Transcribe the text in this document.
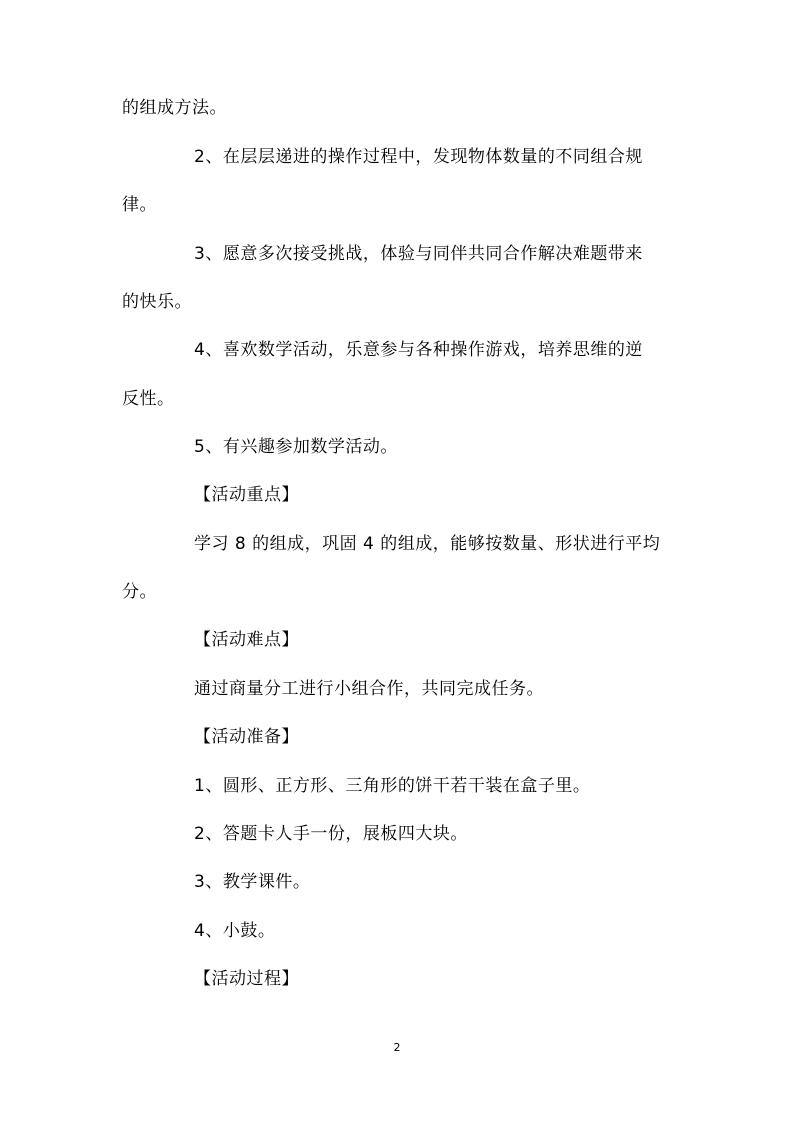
的组成方法。
2、在层层递进的操作过程中，发现物体数量的不同组合规
律。
3、愿意多次接受挑战，体验与同伴共同合作解决难题带来
的快乐。
4、喜欢数学活动，乐意参与各种操作游戏，培养思维的逆
反性。
5、有兴趣参加数学活动。
【活动重点】
学习 8 的组成，巩固 4 的组成，能够按数量、形状进行平均
分。
【活动难点】
通过商量分工进行小组合作，共同完成任务。
【活动准备】
1、圆形、正方形、三角形的饼干若干装在盒子里。
2、答题卡人手一份，展板四大块。
3、教学课件。
4、小鼓。
【活动过程】
2
